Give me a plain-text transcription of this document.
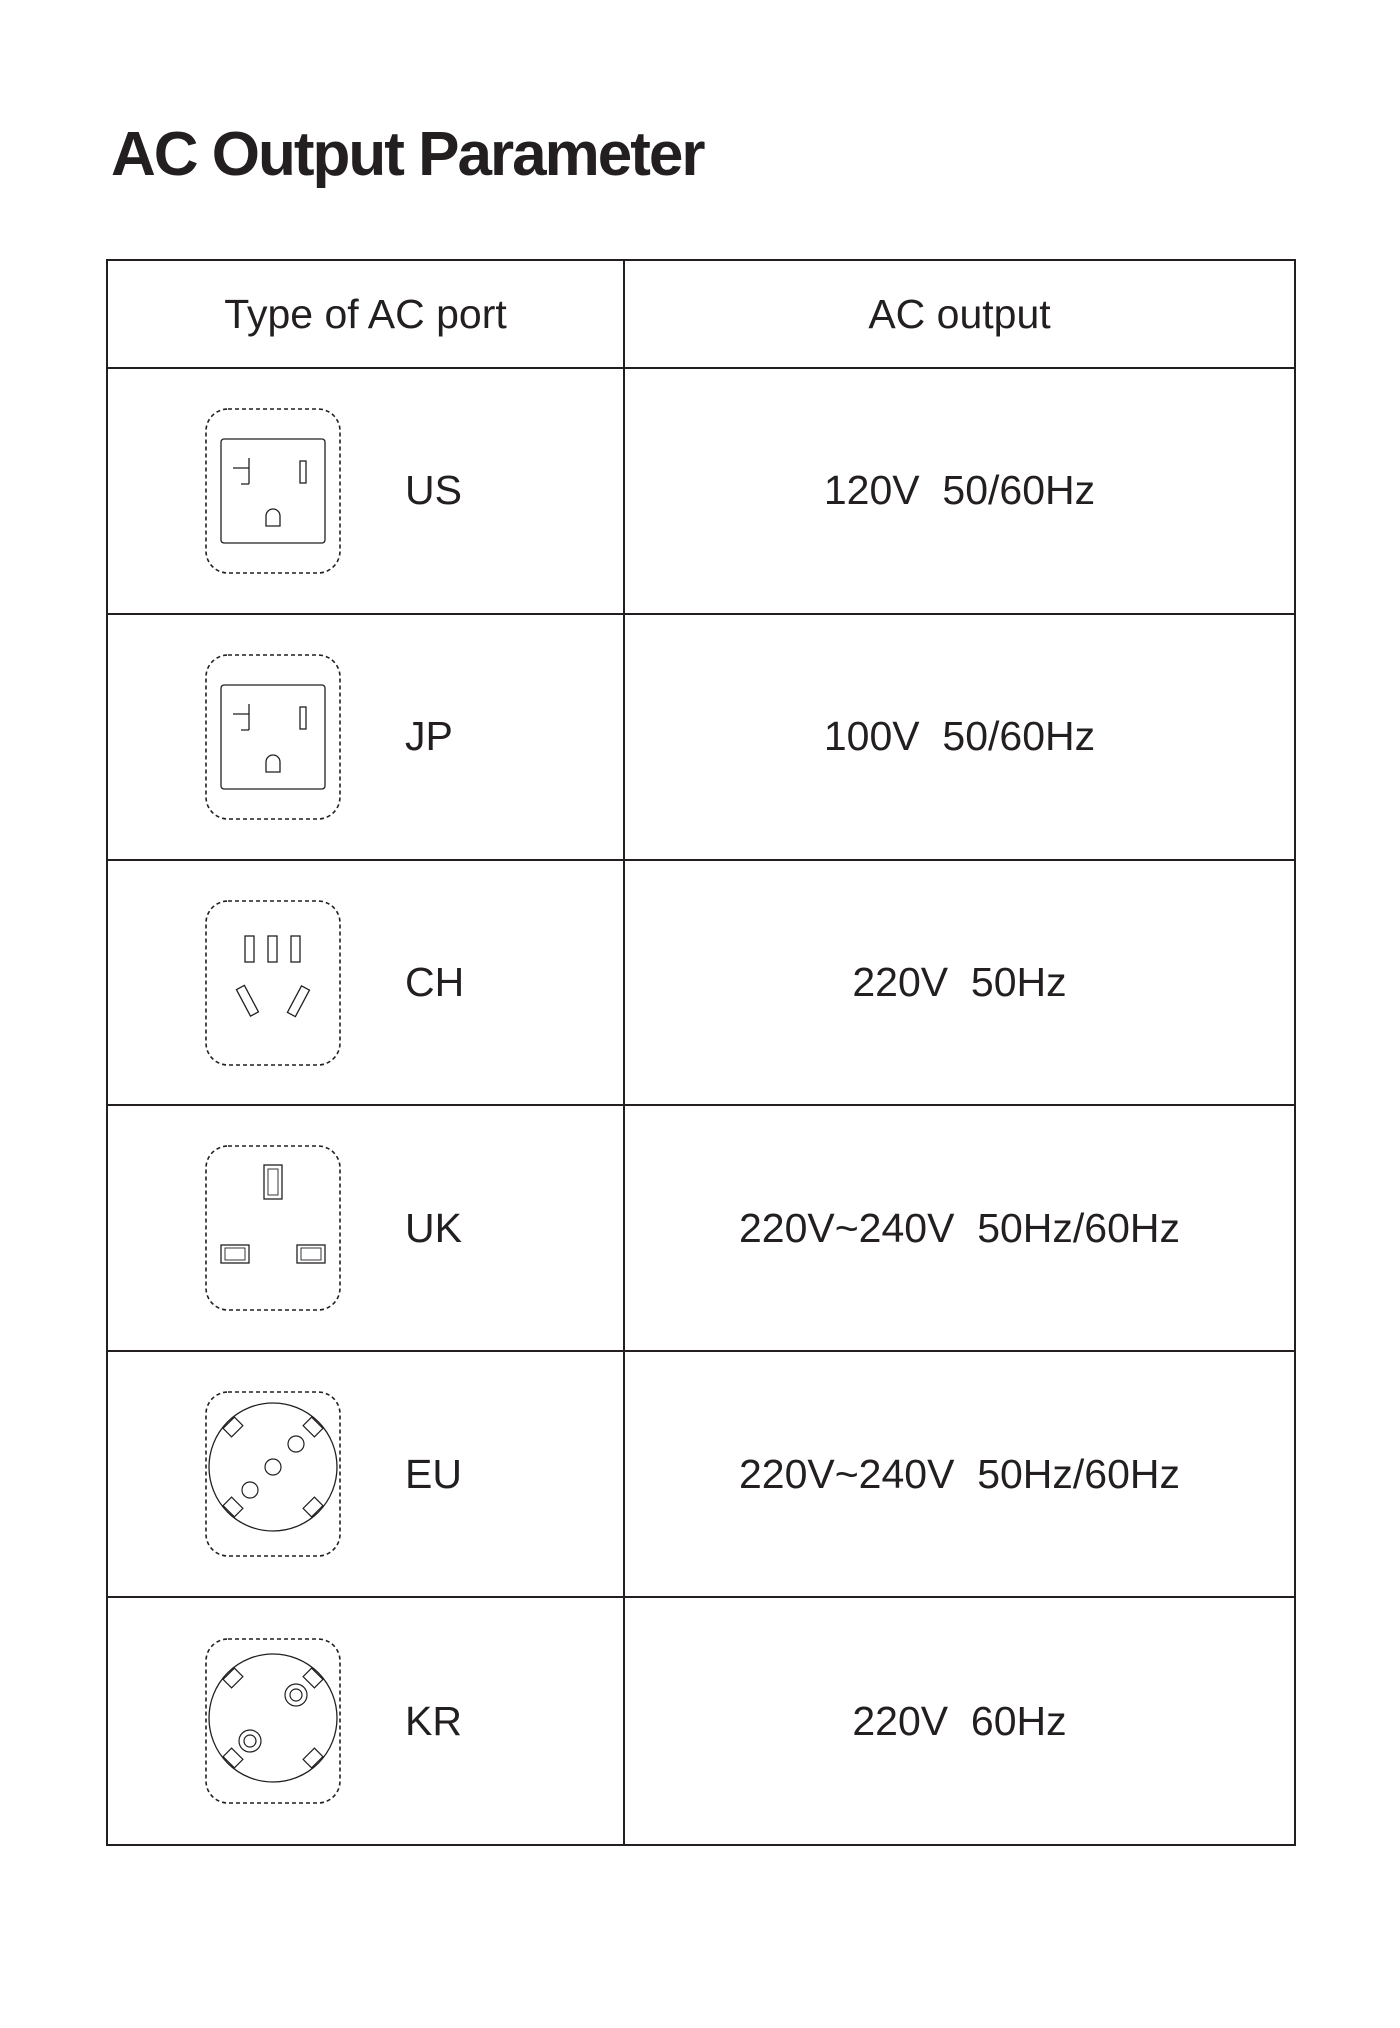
AC Output Parameter
Type of AC port	AC output
US	120V  50/60Hz
JP	100V  50/60Hz
CH	220V  50Hz
UK	220V~240V  50Hz/60Hz
EU	220V~240V  50Hz/60Hz
KR	220V  60Hz
